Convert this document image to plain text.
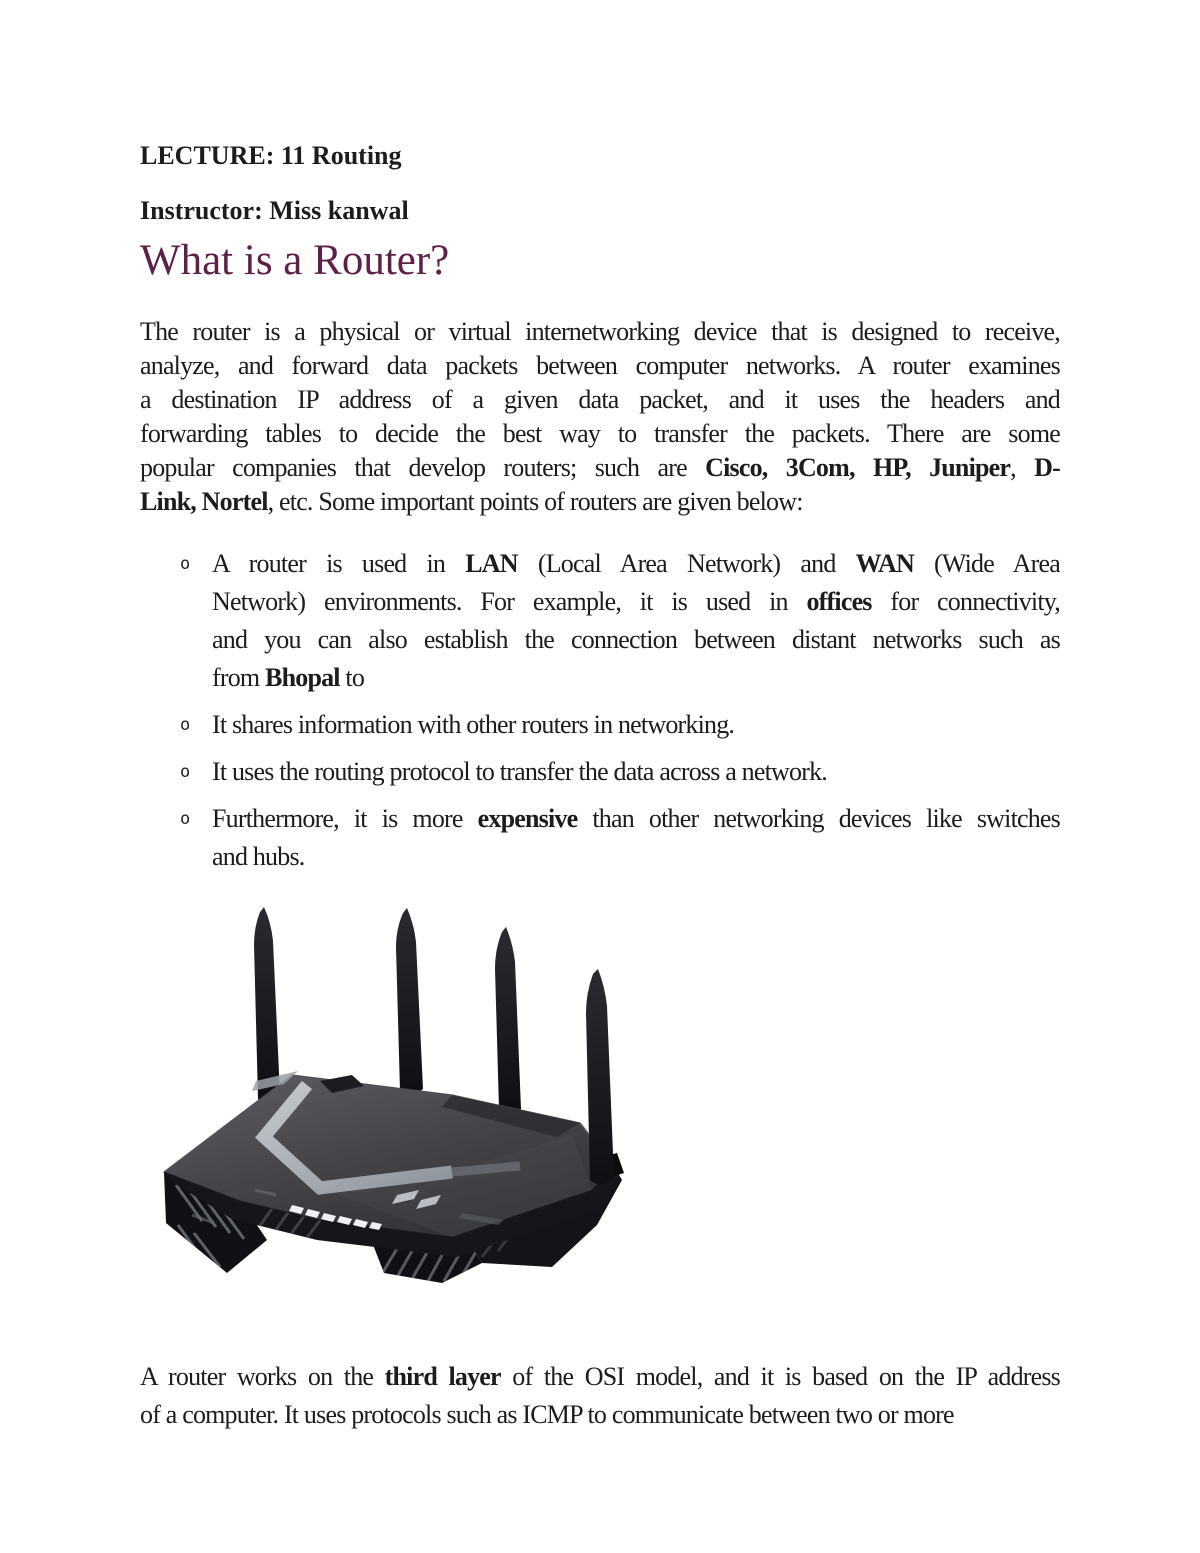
LECTURE: 11 Routing
Instructor: Miss kanwal
What is a Router?
The router is a physical or virtual internetworking device that is designed to receive,
analyze, and forward data packets between computer networks. A router examines
a destination IP address of a given data packet, and it uses the headers and
forwarding tables to decide the best way to transfer the packets. There are some
popular companies that develop routers; such are Cisco, 3Com, HP, Juniper, D-
Link, Nortel, etc. Some important points of routers are given below:
o A router is used in LAN (Local Area Network) and WAN (Wide Area
Network) environments. For example, it is used in offices for connectivity,
and you can also establish the connection between distant networks such as
from Bhopal to
o It shares information with other routers in networking.
o It uses the routing protocol to transfer the data across a network.
o Furthermore, it is more expensive than other networking devices like switches
and hubs.
A router works on the third layer of the OSI model, and it is based on the IP address
of a computer. It uses protocols such as ICMP to communicate between two or more
